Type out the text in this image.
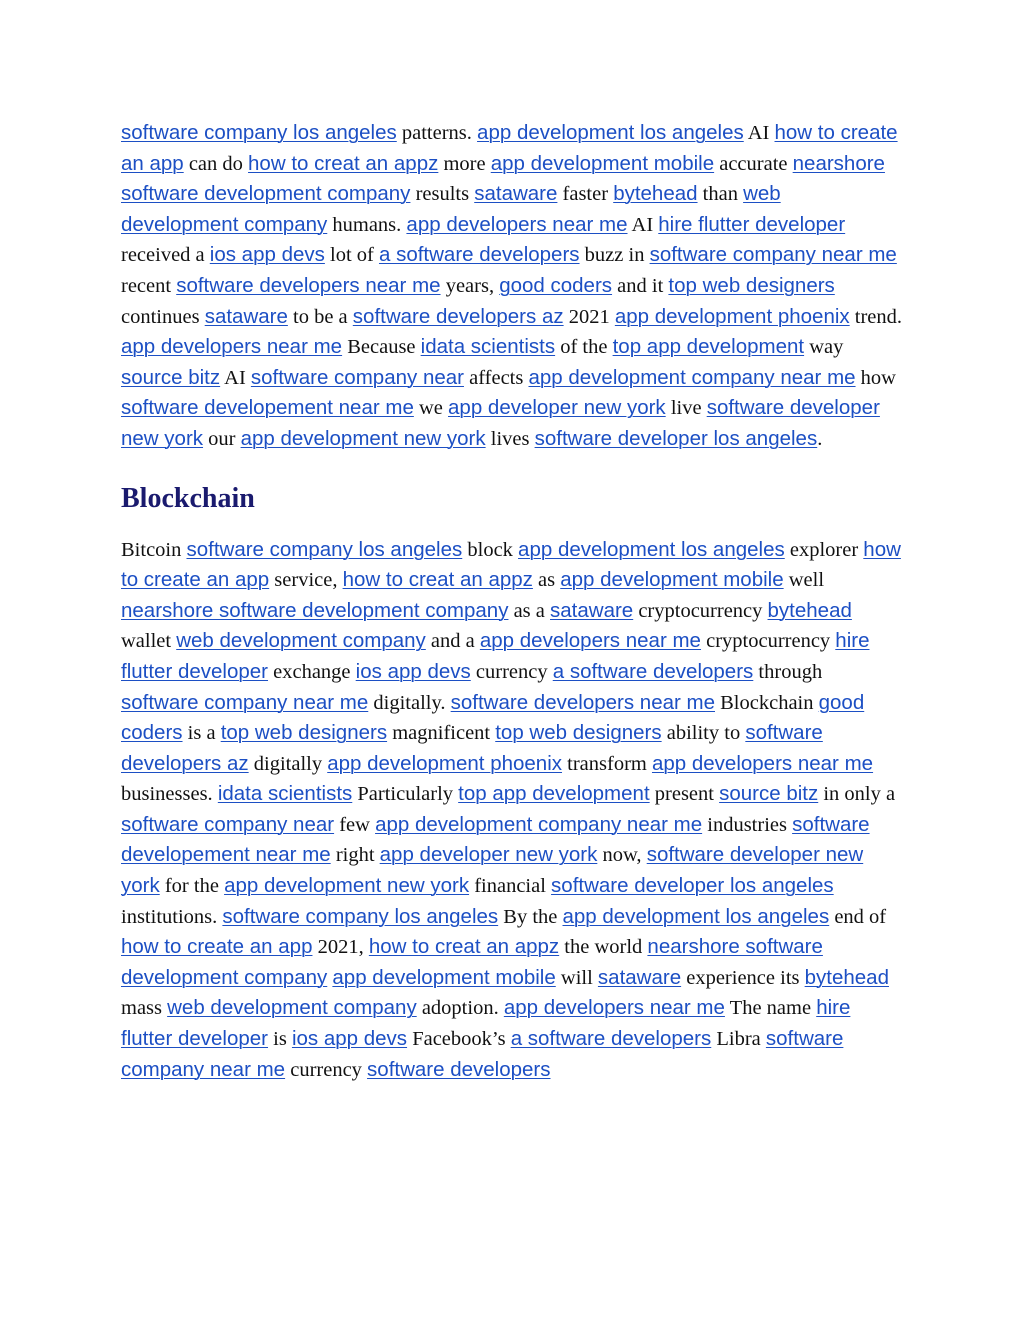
software company los angeles patterns. app development los angeles AI how to create an app can do how to creat an appz more app development mobile accurate nearshore software development company results sataware faster bytehead than web development company humans. app developers near me AI hire flutter developer received a ios app devs lot of a software developers buzz in software company near me recent software developers near me years, good coders and it top web designers continues sataware to be a software developers az 2021 app development phoenix trend. app developers near me Because idata scientists of the top app development way source bitz AI software company near affects app development company near me how software developement near me we app developer new york live software developer new york our app development new york lives software developer los angeles.

Blockchain

Bitcoin software company los angeles block app development los angeles explorer how to create an app service, how to creat an appz as app development mobile well nearshore software development company as a sataware cryptocurrency bytehead wallet web development company and a app developers near me cryptocurrency hire flutter developer exchange ios app devs currency a software developers through software company near me digitally. software developers near me Blockchain good coders is a top web designers magnificent top web designers ability to software developers az digitally app development phoenix transform app developers near me businesses. idata scientists Particularly top app development present source bitz in only a software company near few app development company near me industries software developement near me right app developer new york now, software developer new york for the app development new york financial software developer los angeles institutions. software company los angeles By the app development los angeles end of how to create an app 2021, how to creat an appz the world nearshore software development company app development mobile will sataware experience its bytehead mass web development company adoption. app developers near me The name hire flutter developer is ios app devs Facebook’s a software developers Libra software company near me currency software developers
